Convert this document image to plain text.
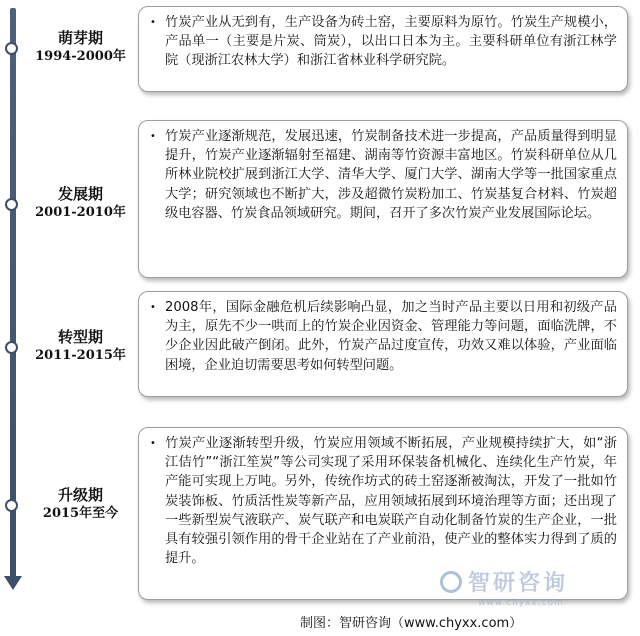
萌芽期
1994-2000年
• 竹炭产业从无到有，生产设备为砖土窑，主要原料为原竹。竹炭生产规模小，产品单一（主要是片炭、筒炭），以出口日本为主。主要科研单位有浙江林学院（现浙江农林大学）和浙江省林业科学研究院。
发展期
2001-2010年
• 竹炭产业逐渐规范，发展迅速，竹炭制备技术进一步提高，产品质量得到明显提升，竹炭产业逐渐辐射至福建、湖南等竹资源丰富地区。竹炭科研单位从几所林业院校扩展到浙江大学、清华大学、厦门大学、湖南大学等一批国家重点大学；研究领域也不断扩大，涉及超微竹炭粉加工、竹炭基复合材料、竹炭超级电容器、竹炭食品领域研究。期间，召开了多次竹炭产业发展国际论坛。
转型期
2011-2015年
• 2008年，国际金融危机后续影响凸显，加之当时产品主要以日用和初级产品为主，原先不少一哄而上的竹炭企业因资金、管理能力等问题，面临洗牌，不少企业因此破产倒闭。此外，竹炭产品过度宣传，功效又难以体验，产业面临困境，企业迫切需要思考如何转型问题。
升级期
2015年至今
• 竹炭产业逐渐转型升级，竹炭应用领域不断拓展，产业规模持续扩大，如“浙江佶竹”“浙江笙炭”等公司实现了采用环保装备机械化、连续化生产竹炭，年产能可实现上万吨。另外，传统作坊式的砖土窑逐渐被淘汰，开发了一批如竹炭装饰板、竹质活性炭等新产品，应用领域拓展到环境治理等方面；还出现了一些新型炭气液联产、炭气联产和电炭联产自动化制备竹炭的生产企业，一批具有较强引领作用的骨干企业站在了产业前沿，使产业的整体实力得到了质的提升。
智研咨询
www.chyxx.com
制图：智研咨询（www.chyxx.com）
